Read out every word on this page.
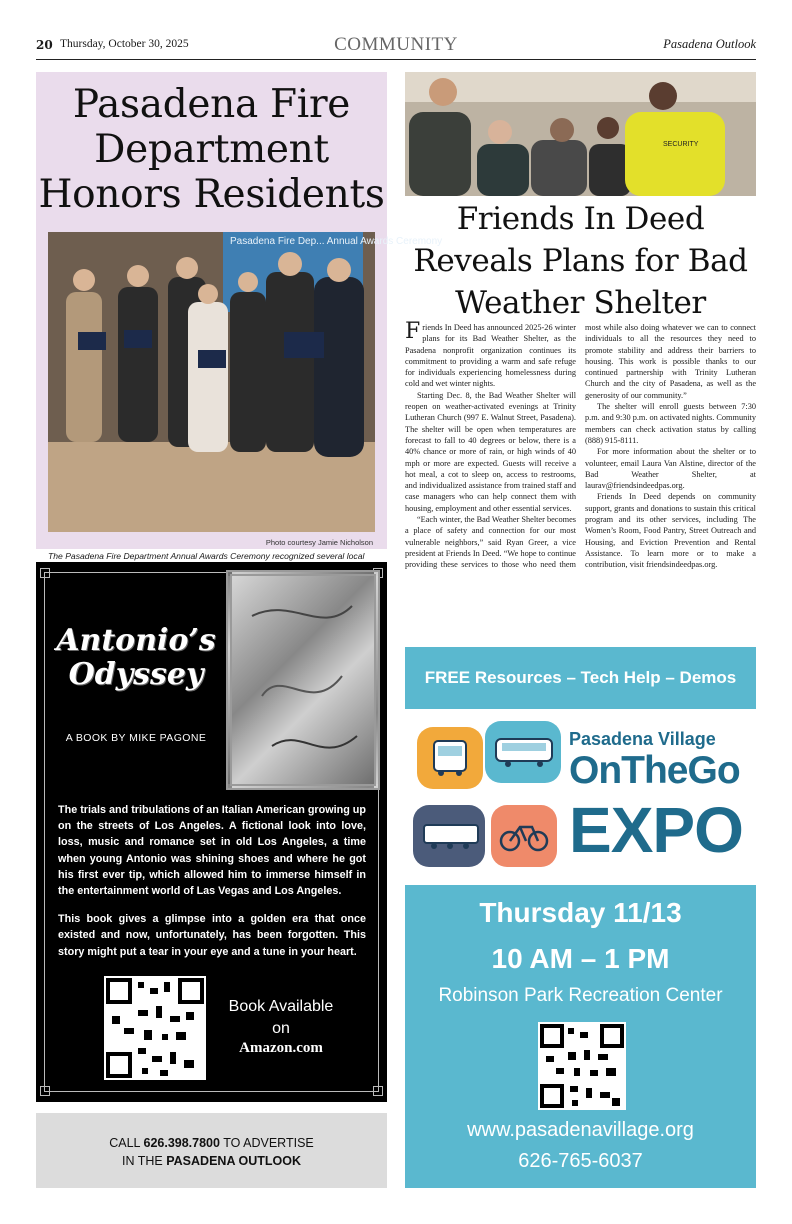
20 Thursday, October 30, 2025	COMMUNITY	Pasadena Outlook
Pasadena Fire Department Honors Residents
Pasadena Fire Dep... Annual Awards Ceremony
Photo courtesy Jamie Nicholson
The Pasadena Fire Department Annual Awards Ceremony recognized several local
SECURITY
Friends In Deed Reveals Plans for Bad Weather Shelter

Friends In Deed has announced 2025-26 winter plans for its Bad Weather Shelter, as the Pasadena nonprofit organization continues its commitment to providing a warm and safe refuge for individuals experiencing homelessness during cold and wet winter nights.

Starting Dec. 8, the Bad Weather Shelter will reopen on weather-activated evenings at Trinity Lutheran Church (997 E. Walnut Street, Pasadena). The shelter will be open when temperatures are forecast to fall to 40 degrees or below, there is a 40% chance or more of rain, or high winds of 40 mph or more are expected. Guests will receive a hot meal, a cot to sleep on, access to restrooms, and individualized assistance from trained staff and case managers who can help connect them with housing, employment and other essential services.

“Each winter, the Bad Weather Shelter becomes a place of safety and connection for our most vulnerable neighbors,” said Ryan Greer, a vice president at Friends In Deed. “We hope to continue providing these services to those who need them most while also doing whatever we can to connect individuals to all the resources they need to promote stability and address their barriers to housing. This work is possible thanks to our continued partnership with Trinity Lutheran Church and the city of Pasadena, as well as the generosity of our community.”

The shelter will enroll guests between 7:30 p.m. and 9:30 p.m. on activated nights. Community members can check activation status by calling (888) 915-8111.

For more information about the shelter or to volunteer, email Laura Van Alstine, director of the Bad Weather Shelter, at laurav@friendsindeedpas.org.

Friends In Deed depends on community support, grants and donations to sustain this critical program and its other services, including The Women’s Room, Food Pantry, Street Outreach and Housing, and Eviction Prevention and Rental Assistance. To learn more or to make a contribution, visit friendsindeedpas.org.

Antonio’s
Odyssey
A BOOK BY MIKE PAGONE

The trials and tribulations of an Italian American growing up on the streets of Los Angeles. A fictional look into love, loss, music and romance set in old Los Angeles, a time when young Antonio was shining shoes and where he got his first ever tip, which allowed him to immerse himself in the entertainment world of Las Vegas and Los Angeles.

This book gives a glimpse into a golden era that once existed and now, unfortunately, has been forgotten. This story might put a tear in your eye and a tune in your heart.

Book Available
on
Amazon.com
CALL 626.398.7800 TO ADVERTISE
IN THE PASADENA OUTLOOK
FREE Resources – Tech Help – Demos
Pasadena Village
OnTheGo
EXPO
Thursday 11/13
10 AM – 1 PM
Robinson Park Recreation Center
www.pasadenavillage.org
626-765-6037
